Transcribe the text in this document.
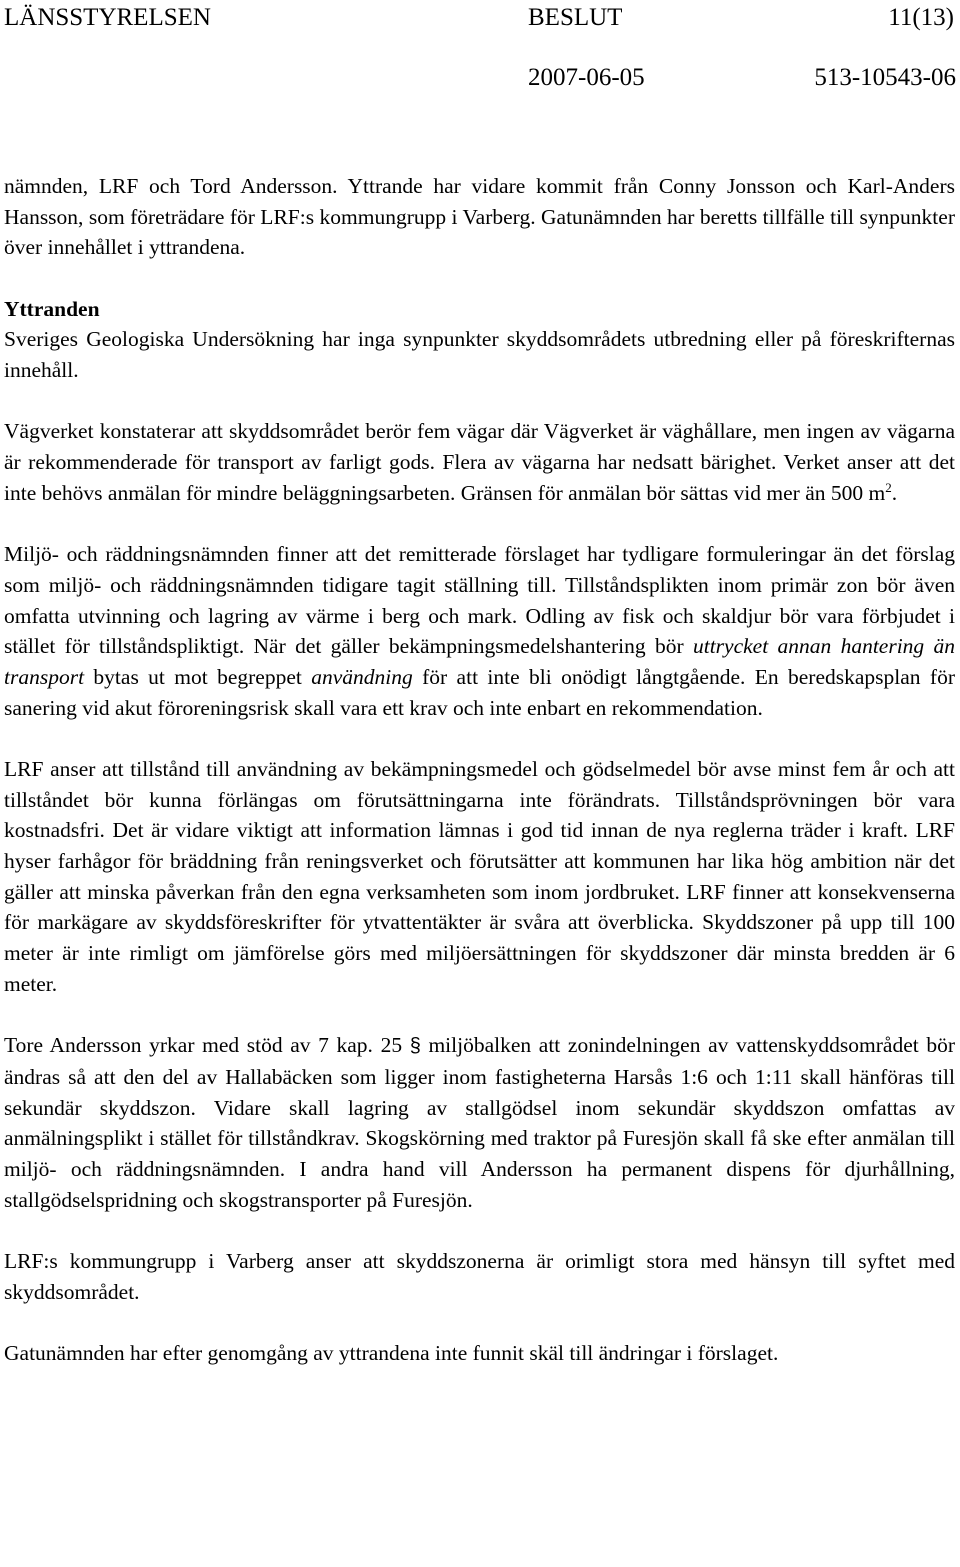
LÄNSSTYRELSEN	BESLUT	11(13)
2007-06-05	513-10543-06

nämnden, LRF och Tord Andersson. Yttrande har vidare kommit från Conny Jonsson och Karl-Anders Hansson, som företrädare för LRF:s kommungrupp i Varberg. Gatunämnden har beretts tillfälle till synpunkter över innehållet i yttrandena.

Yttranden

Sveriges Geologiska Undersökning har inga synpunkter skyddsområdets utbredning eller på föreskrifternas innehåll.

Vägverket konstaterar att skyddsområdet berör fem vägar där Vägverket är väghållare, men ingen av vägarna är rekommenderade för transport av farligt gods. Flera av vägarna har nedsatt bärighet. Verket anser att det inte behövs anmälan för mindre beläggningsarbeten. Gränsen för anmälan bör sättas vid mer än 500 $m^2$.

Miljö- och räddningsnämnden finner att det remitterade förslaget har tydligare formuleringar än det förslag som miljö- och räddningsnämnden tidigare tagit ställning till. Tillståndsplikten inom primär zon bör även omfatta utvinning och lagring av värme i berg och mark. Odling av fisk och skaldjur bör vara förbjudet i stället för tillståndspliktigt. När det gäller bekämpningsmedelshantering bör uttrycket annan hantering än transport bytas ut mot begreppet användning för att inte bli onödigt långtgående. En beredskapsplan för sanering vid akut föroreningsrisk skall vara ett krav och inte enbart en rekommendation.

LRF anser att tillstånd till användning av bekämpningsmedel och gödselmedel bör avse minst fem år och att tillståndet bör kunna förlängas om förutsättningarna inte förändrats. Tillståndsprövningen bör vara kostnadsfri. Det är vidare viktigt att information lämnas i god tid innan de nya reglerna träder i kraft. LRF hyser farhågor för bräddning från reningsverket och förutsätter att kommunen har lika hög ambition när det gäller att minska påverkan från den egna verksamheten som inom jordbruket. LRF finner att konsekvenserna för markägare av skyddsföreskrifter för ytvattentäkter är svåra att överblicka. Skyddszoner på upp till 100 meter är inte rimligt om jämförelse görs med miljöersättningen för skyddszoner där minsta bredden är 6 meter.

Tore Andersson yrkar med stöd av 7 kap. 25 § miljöbalken att zonindelningen av vattenskyddsområdet bör ändras så att den del av Hallabäcken som ligger inom fastigheterna Harsås 1:6 och 1:11 skall hänföras till sekundär skyddszon. Vidare skall lagring av stallgödsel inom sekundär skyddszon omfattas av anmälningsplikt i stället för tillståndkrav. Skogskörning med traktor på Furesjön skall få ske efter anmälan till miljö- och räddningsnämnden. I andra hand vill Andersson ha permanent dispens för djurhållning, stallgödselspridning och skogstransporter på Furesjön.

LRF:s kommungrupp i Varberg anser att skyddszonerna är orimligt stora med hänsyn till syftet med skyddsområdet.

Gatunämnden har efter genomgång av yttrandena inte funnit skäl till ändringar i förslaget.
